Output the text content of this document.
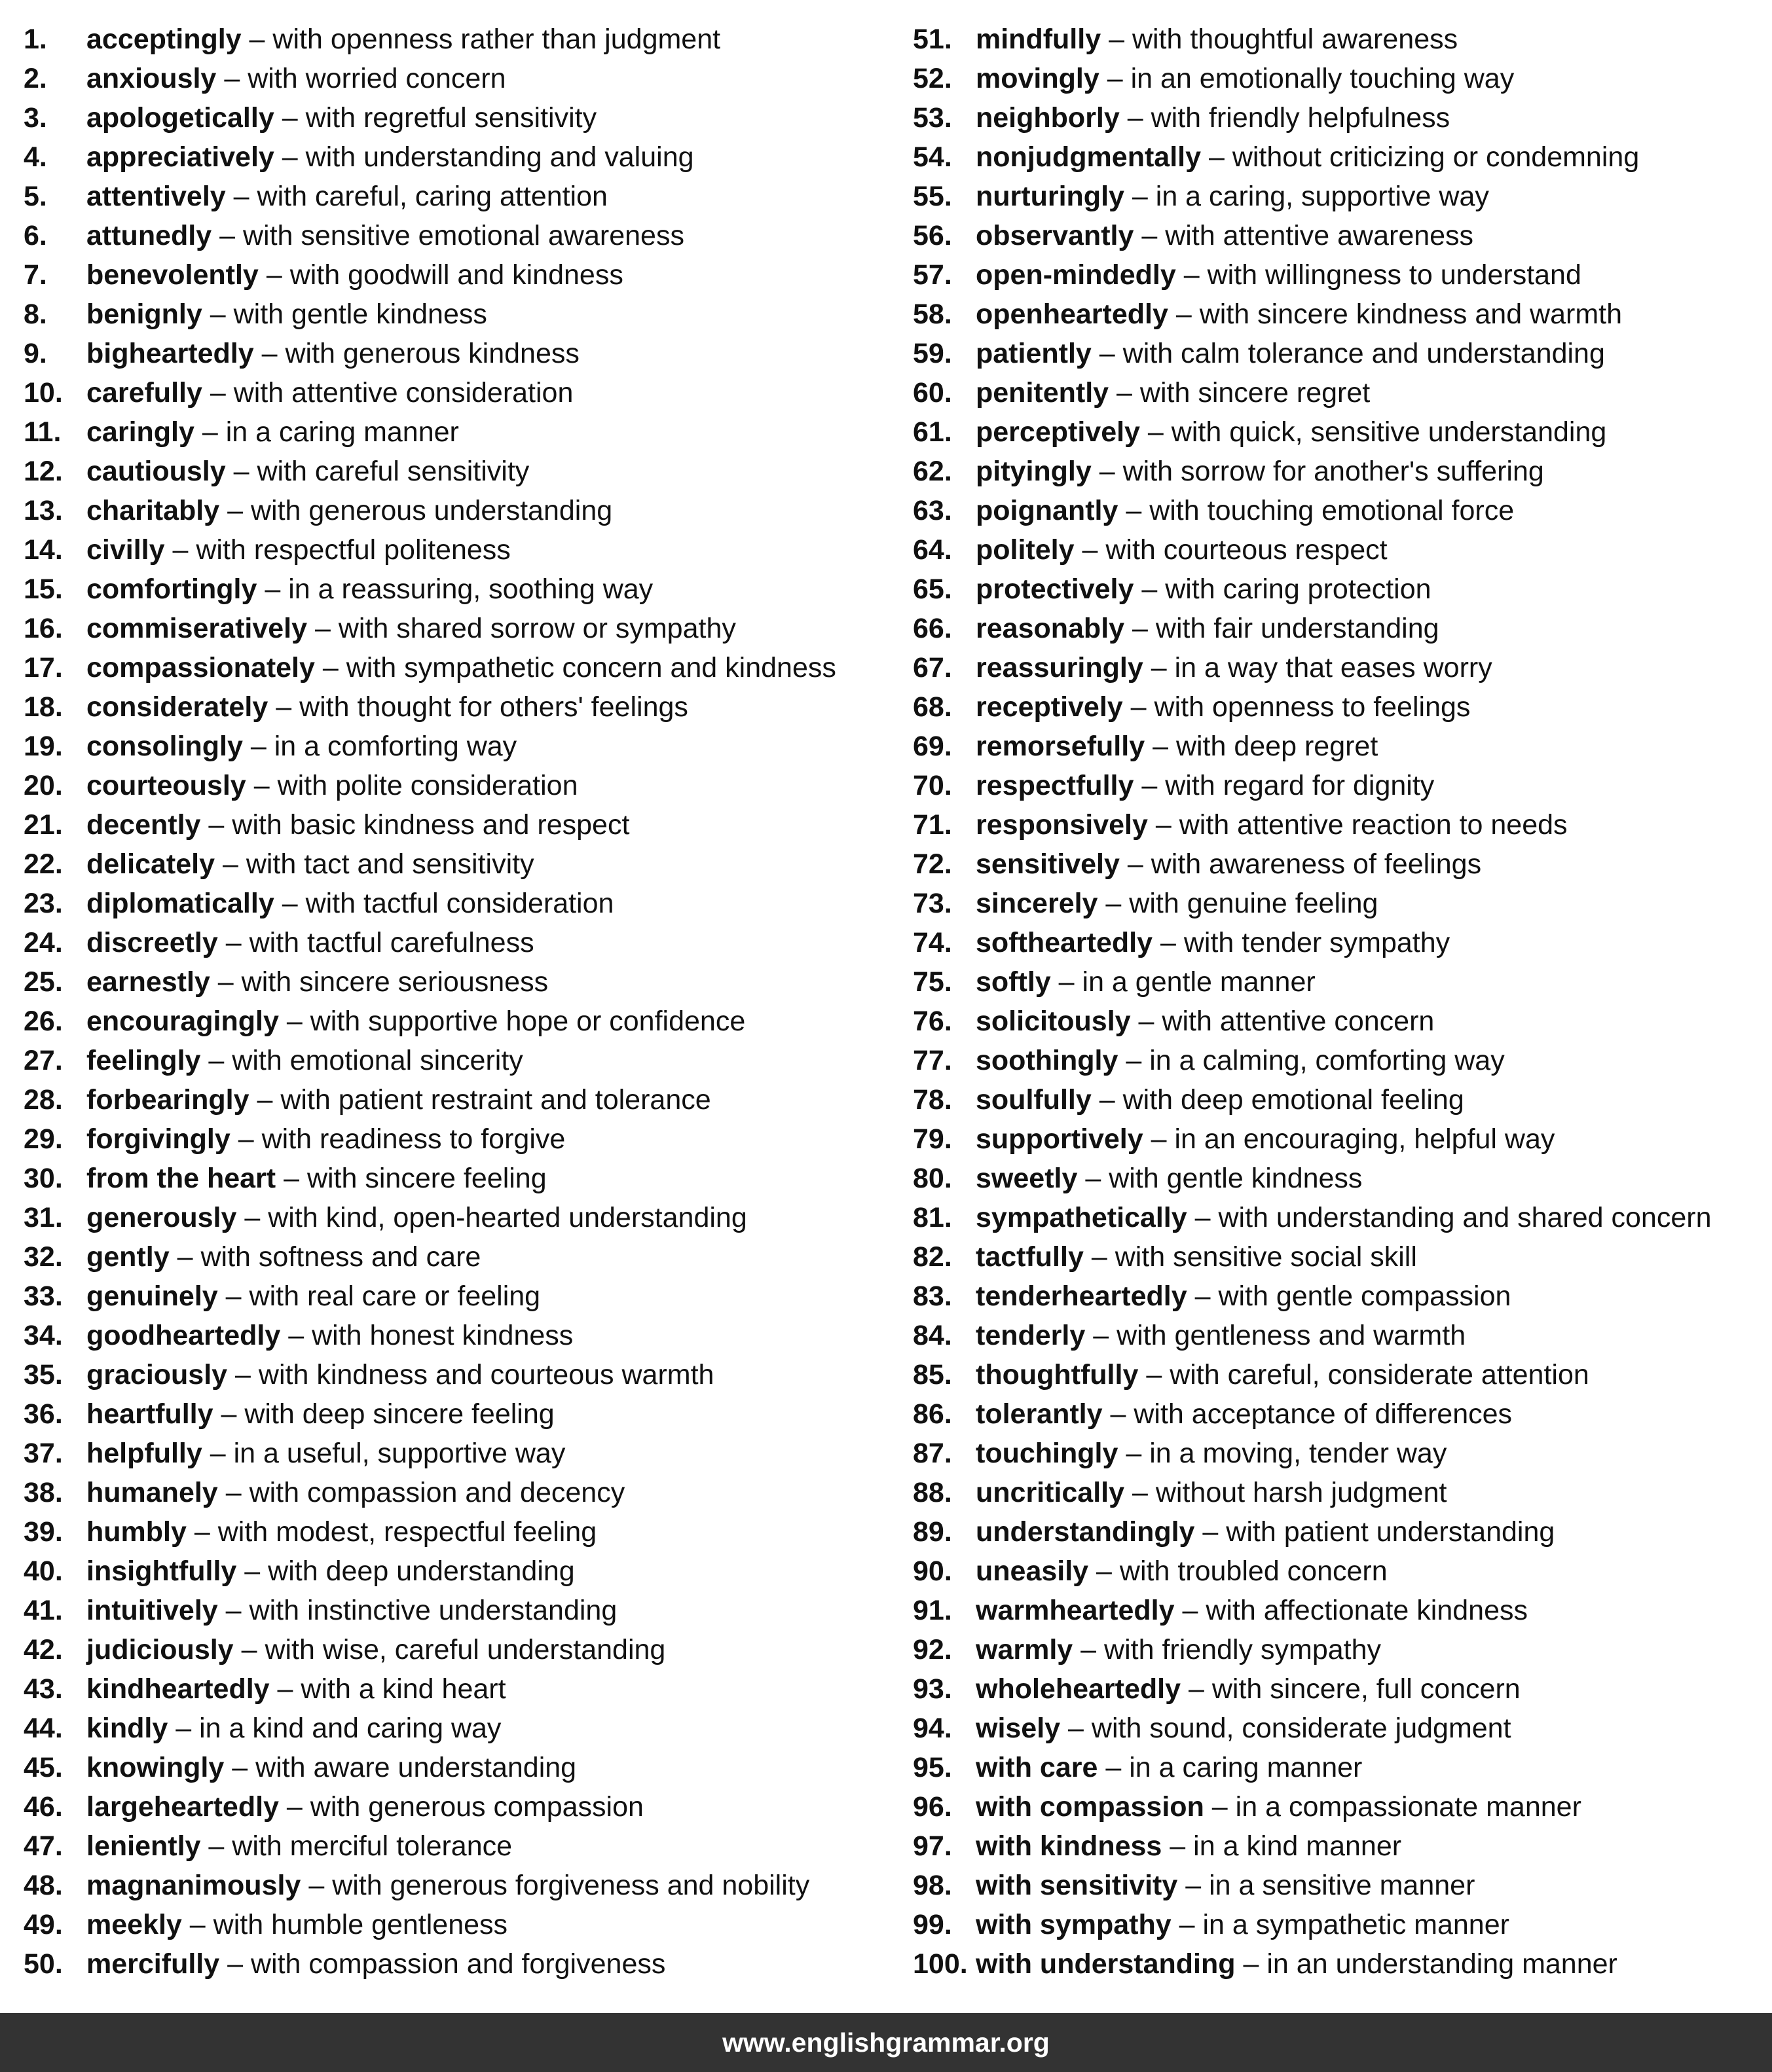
1. acceptingly – with openness rather than judgment
2. anxiously – with worried concern
3. apologetically – with regretful sensitivity
4. appreciatively – with understanding and valuing
5. attentively – with careful, caring attention
6. attunedly – with sensitive emotional awareness
7. benevolently – with goodwill and kindness
8. benignly – with gentle kindness
9. bigheartedly – with generous kindness
10. carefully – with attentive consideration
11. caringly – in a caring manner
12. cautiously – with careful sensitivity
13. charitably – with generous understanding
14. civilly – with respectful politeness
15. comfortingly – in a reassuring, soothing way
16. commiseratively – with shared sorrow or sympathy
17. compassionately – with sympathetic concern and kindness
18. considerately – with thought for others' feelings
19. consolingly – in a comforting way
20. courteously – with polite consideration
21. decently – with basic kindness and respect
22. delicately – with tact and sensitivity
23. diplomatically – with tactful consideration
24. discreetly – with tactful carefulness
25. earnestly – with sincere seriousness
26. encouragingly – with supportive hope or confidence
27. feelingly – with emotional sincerity
28. forbearingly – with patient restraint and tolerance
29. forgivingly – with readiness to forgive
30. from the heart – with sincere feeling
31. generously – with kind, open-hearted understanding
32. gently – with softness and care
33. genuinely – with real care or feeling
34. goodheartedly – with honest kindness
35. graciously – with kindness and courteous warmth
36. heartfully – with deep sincere feeling
37. helpfully – in a useful, supportive way
38. humanely – with compassion and decency
39. humbly – with modest, respectful feeling
40. insightfully – with deep understanding
41. intuitively – with instinctive understanding
42. judiciously – with wise, careful understanding
43. kindheartedly – with a kind heart
44. kindly – in a kind and caring way
45. knowingly – with aware understanding
46. largeheartedly – with generous compassion
47. leniently – with merciful tolerance
48. magnanimously – with generous forgiveness and nobility
49. meekly – with humble gentleness
50. mercifully – with compassion and forgiveness
51. mindfully – with thoughtful awareness
52. movingly – in an emotionally touching way
53. neighborly – with friendly helpfulness
54. nonjudgmentally – without criticizing or condemning
55. nurturingly – in a caring, supportive way
56. observantly – with attentive awareness
57. open-mindedly – with willingness to understand
58. openheartedly – with sincere kindness and warmth
59. patiently – with calm tolerance and understanding
60. penitently – with sincere regret
61. perceptively – with quick, sensitive understanding
62. pityingly – with sorrow for another's suffering
63. poignantly – with touching emotional force
64. politely – with courteous respect
65. protectively – with caring protection
66. reasonably – with fair understanding
67. reassuringly – in a way that eases worry
68. receptively – with openness to feelings
69. remorsefully – with deep regret
70. respectfully – with regard for dignity
71. responsively – with attentive reaction to needs
72. sensitively – with awareness of feelings
73. sincerely – with genuine feeling
74. softheartedly – with tender sympathy
75. softly – in a gentle manner
76. solicitously – with attentive concern
77. soothingly – in a calming, comforting way
78. soulfully – with deep emotional feeling
79. supportively – in an encouraging, helpful way
80. sweetly – with gentle kindness
81. sympathetically – with understanding and shared concern
82. tactfully – with sensitive social skill
83. tenderheartedly – with gentle compassion
84. tenderly – with gentleness and warmth
85. thoughtfully – with careful, considerate attention
86. tolerantly – with acceptance of differences
87. touchingly – in a moving, tender way
88. uncritically – without harsh judgment
89. understandingly – with patient understanding
90. uneasily – with troubled concern
91. warmheartedly – with affectionate kindness
92. warmly – with friendly sympathy
93. wholeheartedly – with sincere, full concern
94. wisely – with sound, considerate judgment
95. with care – in a caring manner
96. with compassion – in a compassionate manner
97. with kindness – in a kind manner
98. with sensitivity – in a sensitive manner
99. with sympathy – in a sympathetic manner
100. with understanding – in an understanding manner
www.englishgrammar.org
